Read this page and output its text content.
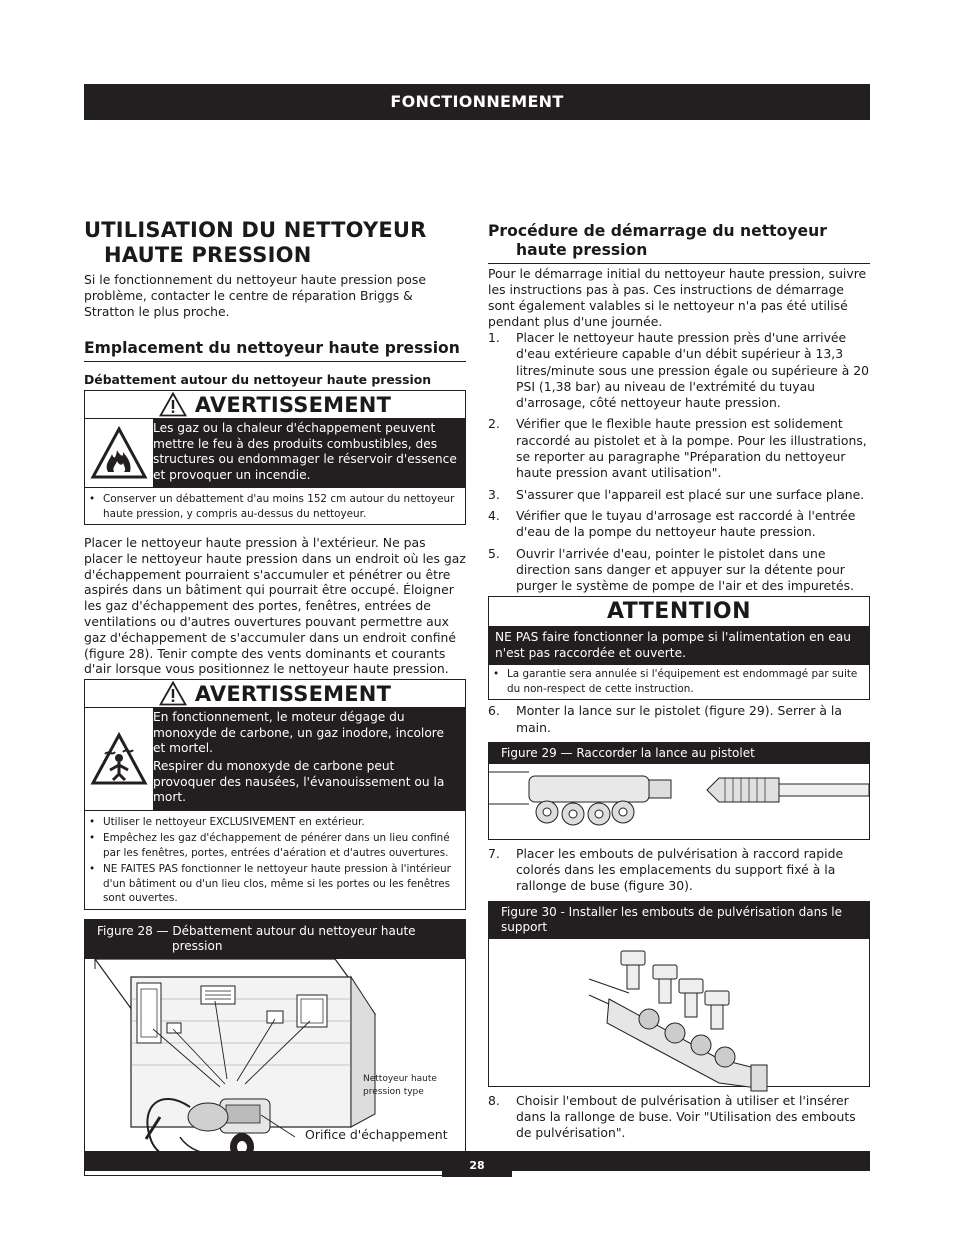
FONCTIONNEMENT
UTILISATION DU NETTOYEUR
HAUTE PRESSION

Si le fonctionnement du nettoyeur haute pression pose problème, contacter le centre de réparation Briggs & Stratton le plus proche.

Emplacement du nettoyeur haute pression
Débattement autour du nettoyeur haute pression
AVERTISSEMENT

Les gaz ou la chaleur d'échappement peuvent mettre le feu à des produits combustibles, des structures ou endommager le réservoir d'essence et provoquer un incendie.

• Conserver un débattement d'au moins 152 cm autour du nettoyeur haute pression, y compris au-dessus du nettoyeur.

Placer le nettoyeur haute pression à l'extérieur. Ne pas placer le nettoyeur haute pression dans un endroit où les gaz d'échappement pourraient s'accumuler et pénétrer ou être aspirés dans un bâtiment qui pourrait être occupé. Éloigner les gaz d'échappement des portes, fenêtres, entrées de ventilations ou d'autres ouvertures pouvant permettre aux gaz d'échappement de s'accumuler dans un endroit confiné (figure 28). Tenir compte des vents dominants et courants d'air lorsque vous positionnez le nettoyeur haute pression.

AVERTISSEMENT

En fonctionnement, le moteur dégage du monoxyde de carbone, un gaz inodore, incolore et mortel.

Respirer du monoxyde de carbone peut provoquer des nausées, l'évanouissement ou la mort.

• Utiliser le nettoyeur EXCLUSIVEMENT en extérieur.
• Empêchez les gaz d'échappement de pénérer dans un lieu confiné par les fenêtres, portes, entrées d'aération et d'autres ouvertures.
• NE FAITES PAS fonctionner le nettoyeur haute pression à l'intérieur d'un bâtiment ou d'un lieu clos, même si les portes ou les fenêtres sont ouvertes.
Figure 28 — Débattement autour du nettoyeur haute
pression
Nettoyeur haute
pression type
Orifice d'échappement
Procédure de démarrage du nettoyeur
haute pression

Pour le démarrage initial du nettoyeur haute pression, suivre les instructions pas à pas. Ces instructions de démarrage sont également valables si le nettoyeur n'a pas été utilisé pendant plus d'une journée.

1.	Placer le nettoyeur haute pression près d'une arrivée d'eau extérieure capable d'un débit supérieur à 13,3 litres/minute sous une pression égale ou supérieure à 20 PSI (1,38 bar) au niveau de l'extrémité du tuyau d'arrosage, côté nettoyeur haute pression.
2.	Vérifier que le flexible haute pression est solidement raccordé au pistolet et à la pompe. Pour les illustrations, se reporter au paragraphe "Préparation du nettoyeur haute pression avant utilisation".
3.	S'assurer que l'appareil est placé sur une surface plane.
4.	Vérifier que le tuyau d'arrosage est raccordé à l'entrée d'eau de la pompe du nettoyeur haute pression.
5.	Ouvrir l'arrivée d'eau, pointer le pistolet dans une direction sans danger et appuyer sur la détente pour purger le système de pompe de l'air et des impuretés.
ATTENTION
NE PAS faire fonctionner la pompe si l'alimentation en eau n'est pas raccordée et ouverte.
• La garantie sera annulée si l'équipement est endommagé par suite du non-respect de cette instruction.
6.	Monter la lance sur le pistolet (figure 29). Serrer à la main.
Figure 29 — Raccorder la lance au pistolet
7.	Placer les embouts de pulvérisation à raccord rapide colorés dans les emplacements du support fixé à la rallonge de buse (figure 30).
Figure 30 - Installer les embouts de pulvérisation dans le support
8.	Choisir l'embout de pulvérisation à utiliser et l'insérer dans la rallonge de buse. Voir "Utilisation des embouts de pulvérisation".
28
